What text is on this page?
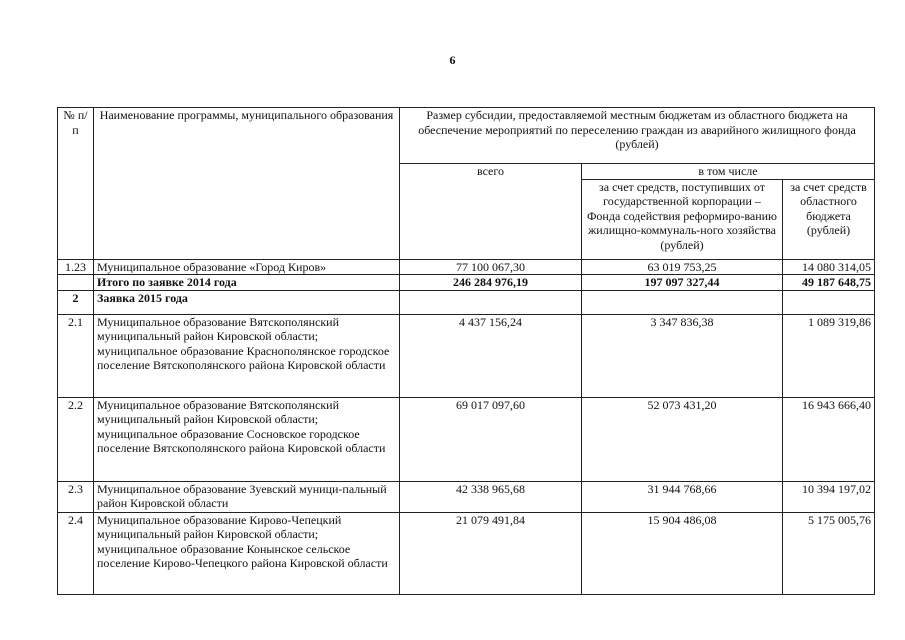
6
№ п/п	Наименование программы, муниципального образования	Размер субсидии, предоставляемой местным бюджетам из областного бюджета на обеспечение мероприятий по переселению граждан из аварийного жилищного фонда (рублей)		
		всего	в том числе	
			за счет средств, поступивших от государственной корпорации – Фонда содействия реформиро-ванию жилищно-коммуналь-ного хозяйства (рублей)	за счет средств областного бюджета (рублей)
1.23	Муниципальное образование «Город Киров»	77 100 067,30	63 019 753,25	14 080 314,05
	Итого по заявке 2014 года	246 284 976,19	197 097 327,44	49 187 648,75
2	Заявка 2015 года			
2.1	Муниципальное образование Вятскополянский муниципальный район Кировской области; муниципальное образование Краснополянское городское поселение Вятскополянского района Кировской области	4 437 156,24	3 347 836,38	1 089 319,86
2.2	Муниципальное образование Вятскополянский муниципальный район Кировской области; муниципальное образование Сосновское городское поселение Вятскополянского района Кировской области	69 017 097,60	52 073 431,20	16 943 666,40
2.3	Муниципальное образование Зуевский муници-пальный район Кировской области	42 338 965,68	31 944 768,66	10 394 197,02
2.4	Муниципальное образование Кирово-Чепецкий муниципальный район Кировской области; муниципальное образование Конынское сельское поселение Кирово-Чепецкого района Кировской области	21 079 491,84	15 904 486,08	5 175 005,76
